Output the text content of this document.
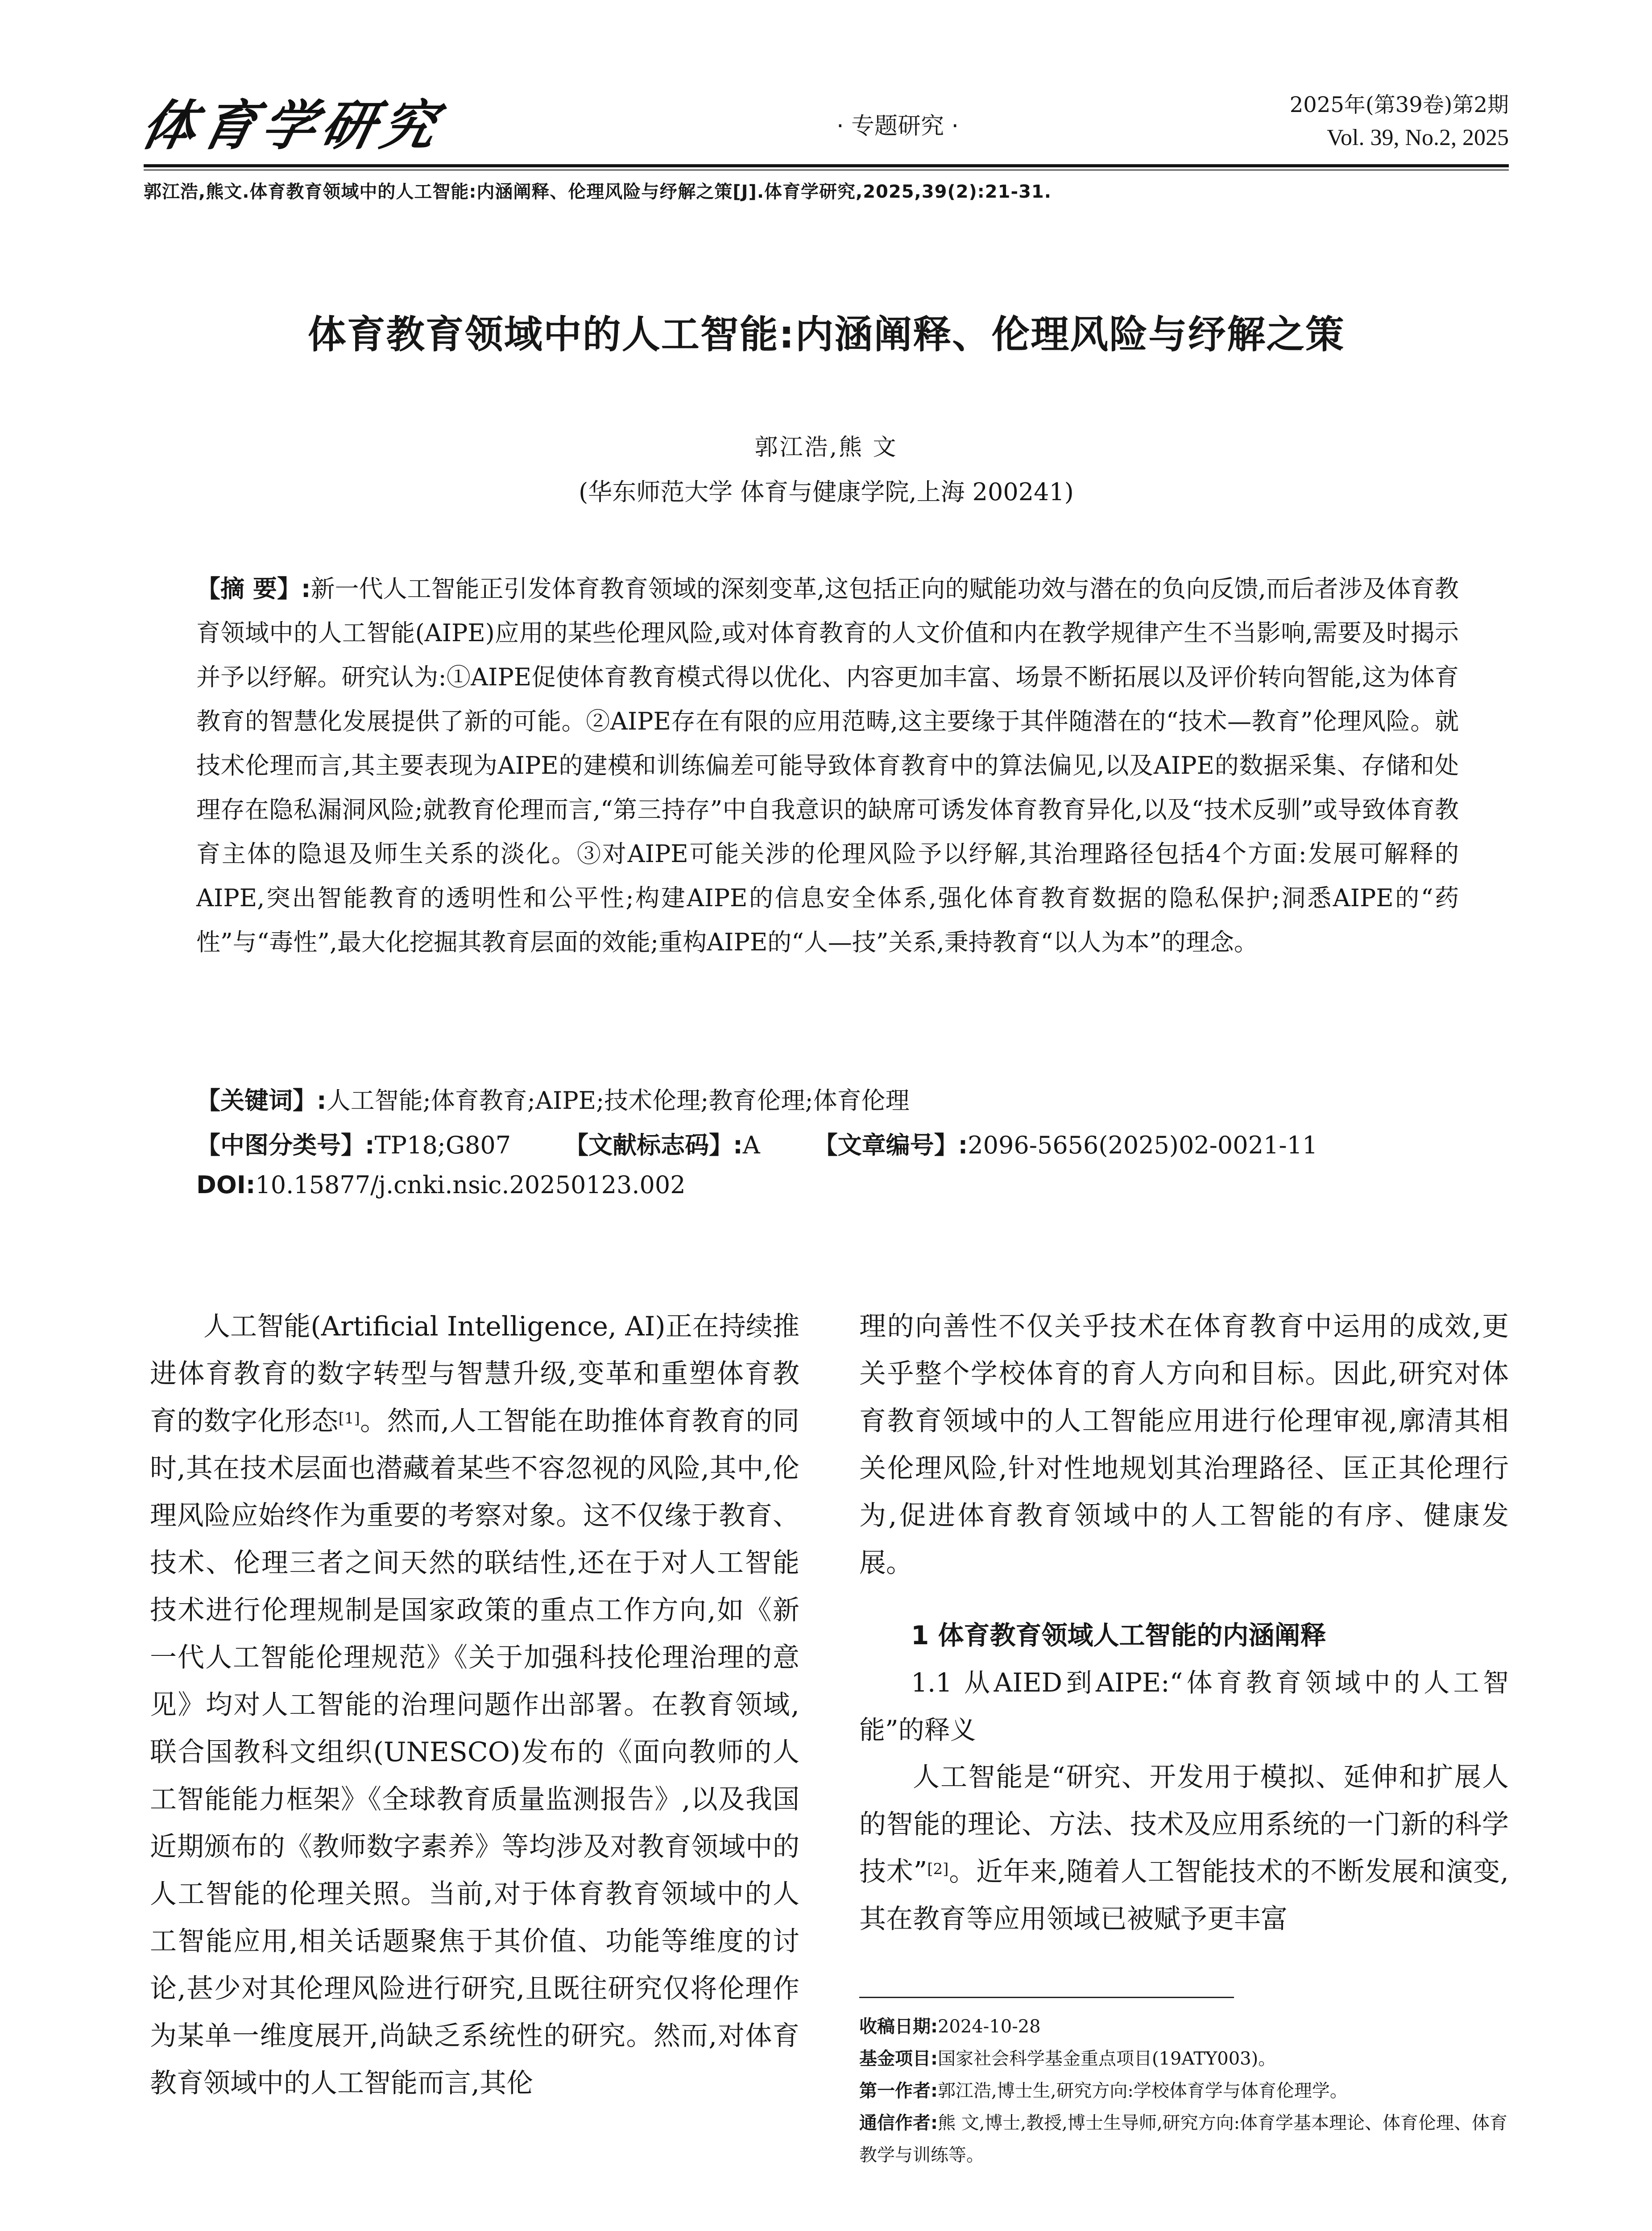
体育学研究	· 专题研究 ·
2025年(第39卷)第2期
Vol. 39, No.2, 2025
郭江浩,熊文.体育教育领域中的人工智能:内涵阐释、伦理风险与纾解之策[J].体育学研究,2025,39(2):21-31.
体育教育领域中的人工智能:内涵阐释、伦理风险与纾解之策
郭江浩,熊 文
(华东师范大学 体育与健康学院,上海 200241)
【摘 要】:新一代人工智能正引发体育教育领域的深刻变革,这包括正向的赋能功效与潜在的负向反馈,而后者涉及体育教育领域中的人工智能(AIPE)应用的某些伦理风险,或对体育教育的人文价值和内在教学规律产生不当影响,需要及时揭示并予以纾解。研究认为:①AIPE促使体育教育模式得以优化、内容更加丰富、场景不断拓展以及评价转向智能,这为体育教育的智慧化发展提供了新的可能。②AIPE存在有限的应用范畴,这主要缘于其伴随潜在的“技术—教育”伦理风险。就技术伦理而言,其主要表现为AIPE的建模和训练偏差可能导致体育教育中的算法偏见,以及AIPE的数据采集、存储和处理存在隐私漏洞风险;就教育伦理而言,“第三持存”中自我意识的缺席可诱发体育教育异化,以及“技术反驯”或导致体育教育主体的隐退及师生关系的淡化。③对AIPE可能关涉的伦理风险予以纾解,其治理路径包括4个方面:发展可解释的AIPE,突出智能教育的透明性和公平性;构建AIPE的信息安全体系,强化体育教育数据的隐私保护;洞悉AIPE的“药性”与“毒性”,最大化挖掘其教育层面的效能;重构AIPE的“人—技”关系,秉持教育“以人为本”的理念。
【关键词】:人工智能;体育教育;AIPE;技术伦理;教育伦理;体育伦理
【中图分类号】:TP18;G807 【文献标志码】:A 【文章编号】:2096-5656(2025)02-0021-11
DOI:10.15877/j.cnki.nsic.20250123.002

人工智能(Artificial Intelligence, AI)正在持续推进体育教育的数字转型与智慧升级,变革和重塑体育教育的数字化形态[1]。然而,人工智能在助推体育教育的同时,其在技术层面也潜藏着某些不容忽视的风险,其中,伦理风险应始终作为重要的考察对象。这不仅缘于教育、技术、伦理三者之间天然的联结性,还在于对人工智能技术进行伦理规制是国家政策的重点工作方向,如《新一代人工智能伦理规范》《关于加强科技伦理治理的意见》均对人工智能的治理问题作出部署。在教育领域,联合国教科文组织(UNESCO)发布的《面向教师的人工智能能力框架》《全球教育质量监测报告》,以及我国近期颁布的《教师数字素养》等均涉及对教育领域中的人工智能的伦理关照。当前,对于体育教育领域中的人工智能应用,相关话题聚焦于其价值、功能等维度的讨论,甚少对其伦理风险进行研究,且既往研究仅将伦理作为某单一维度展开,尚缺乏系统性的研究。然而,对体育教育领域中的人工智能而言,其伦

理的向善性不仅关乎技术在体育教育中运用的成效,更关乎整个学校体育的育人方向和目标。因此,研究对体育教育领域中的人工智能应用进行伦理审视,廓清其相关伦理风险,针对性地规划其治理路径、匡正其伦理行为,促进体育教育领域中的人工智能的有序、健康发展。

1 体育教育领域人工智能的内涵阐释

1.1 从AIED到AIPE:“体育教育领域中的人工智能”的释义

人工智能是“研究、开发用于模拟、延伸和扩展人的智能的理论、方法、技术及应用系统的一门新的科学技术”[2]。近年来,随着人工智能技术的不断发展和演变,其在教育等应用领域已被赋予更丰富

收稿日期:2024-10-28
基金项目:国家社会科学基金重点项目(19ATY003)。
第一作者:郭江浩,博士生,研究方向:学校体育学与体育伦理学。
通信作者:熊 文,博士,教授,博士生导师,研究方向:体育学基本理论、体育伦理、体育教学与训练等。
